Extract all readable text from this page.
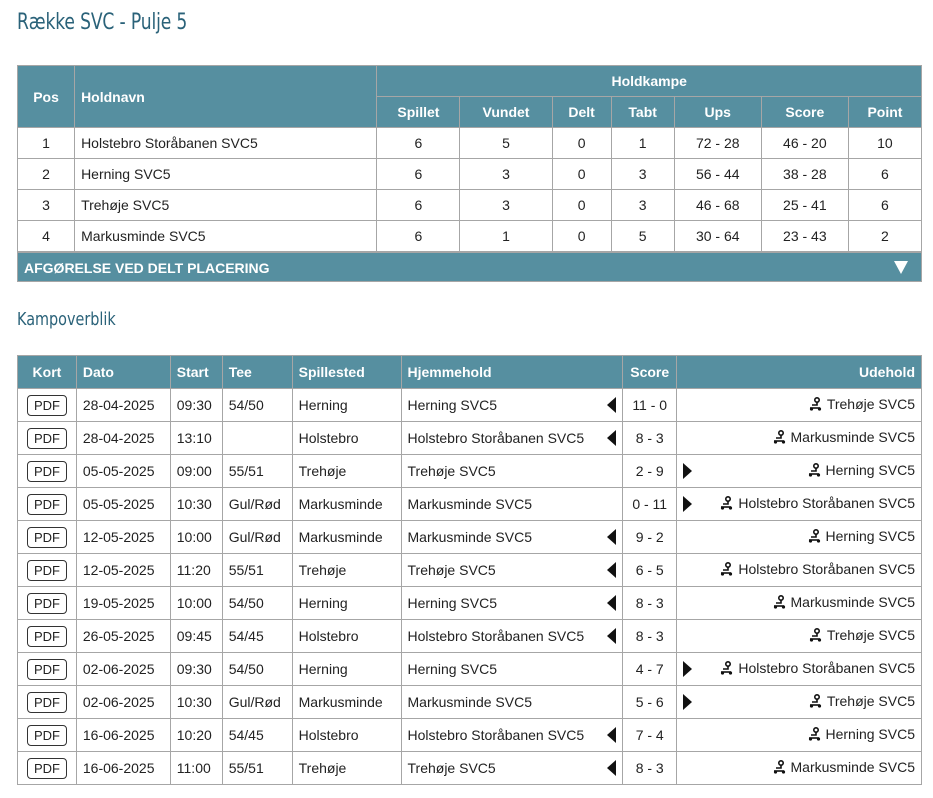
Række SVC - Pulje 5
Pos	Holdnavn	Holdkampe						
		Spillet	Vundet	Delt	Tabt	Ups	Score	Point
1	Holstebro Storåbanen SVC5	6	5	0	1	72 - 28	46 - 20	10
2	Herning SVC5	6	3	0	3	56 - 44	38 - 28	6
3	Trehøje SVC5	6	3	0	3	46 - 68	25 - 41	6
4	Markusminde SVC5	6	1	0	5	30 - 64	23 - 43	2
AFGØRELSE VED DELT PLACERING
Kampoverblik
Kort	Dato	Start	Tee	Spillested	Hjemmehold	Score	Udehold
PDF	28-04-2025	09:30	54/50	Herning	Herning SVC5	11 - 0	Trehøje SVC5
PDF	28-04-2025	13:10		Holstebro	Holstebro Storåbanen SVC5	8 - 3	Markusminde SVC5
PDF	05-05-2025	09:00	55/51	Trehøje	Trehøje SVC5	2 - 9	Herning SVC5
PDF	05-05-2025	10:30	Gul/Rød	Markusminde	Markusminde SVC5	0 - 11	Holstebro Storåbanen SVC5
PDF	12-05-2025	10:00	Gul/Rød	Markusminde	Markusminde SVC5	9 - 2	Herning SVC5
PDF	12-05-2025	11:20	55/51	Trehøje	Trehøje SVC5	6 - 5	Holstebro Storåbanen SVC5
PDF	19-05-2025	10:00	54/50	Herning	Herning SVC5	8 - 3	Markusminde SVC5
PDF	26-05-2025	09:45	54/45	Holstebro	Holstebro Storåbanen SVC5	8 - 3	Trehøje SVC5
PDF	02-06-2025	09:30	54/50	Herning	Herning SVC5	4 - 7	Holstebro Storåbanen SVC5
PDF	02-06-2025	10:30	Gul/Rød	Markusminde	Markusminde SVC5	5 - 6	Trehøje SVC5
PDF	16-06-2025	10:20	54/45	Holstebro	Holstebro Storåbanen SVC5	7 - 4	Herning SVC5
PDF	16-06-2025	11:00	55/51	Trehøje	Trehøje SVC5	8 - 3	Markusminde SVC5
